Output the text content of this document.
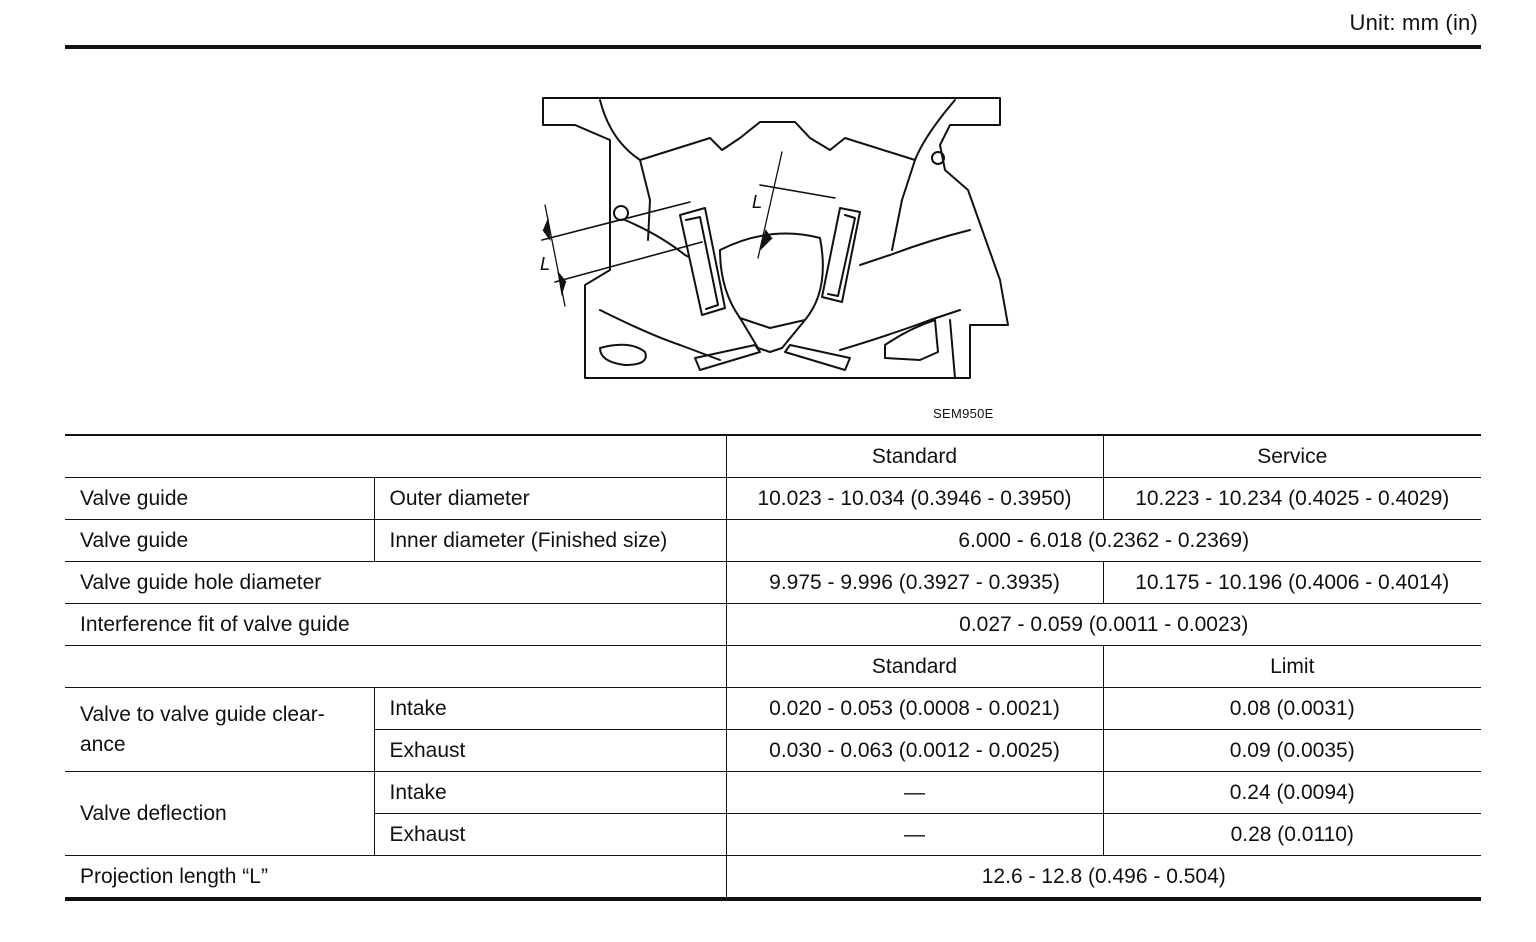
Unit: mm (in)
L
L
SEM950E
		Standard	Service
Valve guide	Outer diameter	10.023 - 10.034 (0.3946 - 0.3950)	10.223 - 10.234 (0.4025 - 0.4029)
Valve guide	Inner diameter (Finished size)	6.000 - 6.018 (0.2362 - 0.2369)	
Valve guide hole diameter		9.975 - 9.996 (0.3927 - 0.3935)	10.175 - 10.196 (0.4006 - 0.4014)
Interference fit of valve guide		0.027 - 0.059 (0.0011 - 0.0023)	
		Standard	Limit
Valve to valve guide clear-ance	Intake	0.020 - 0.053 (0.0008 - 0.0021)	0.08 (0.0031)
	Exhaust	0.030 - 0.063 (0.0012 - 0.0025)	0.09 (0.0035)
Valve deflection	Intake	—	0.24 (0.0094)
	Exhaust	—	0.28 (0.0110)
Projection length “L”		12.6 - 12.8 (0.496 - 0.504)	
